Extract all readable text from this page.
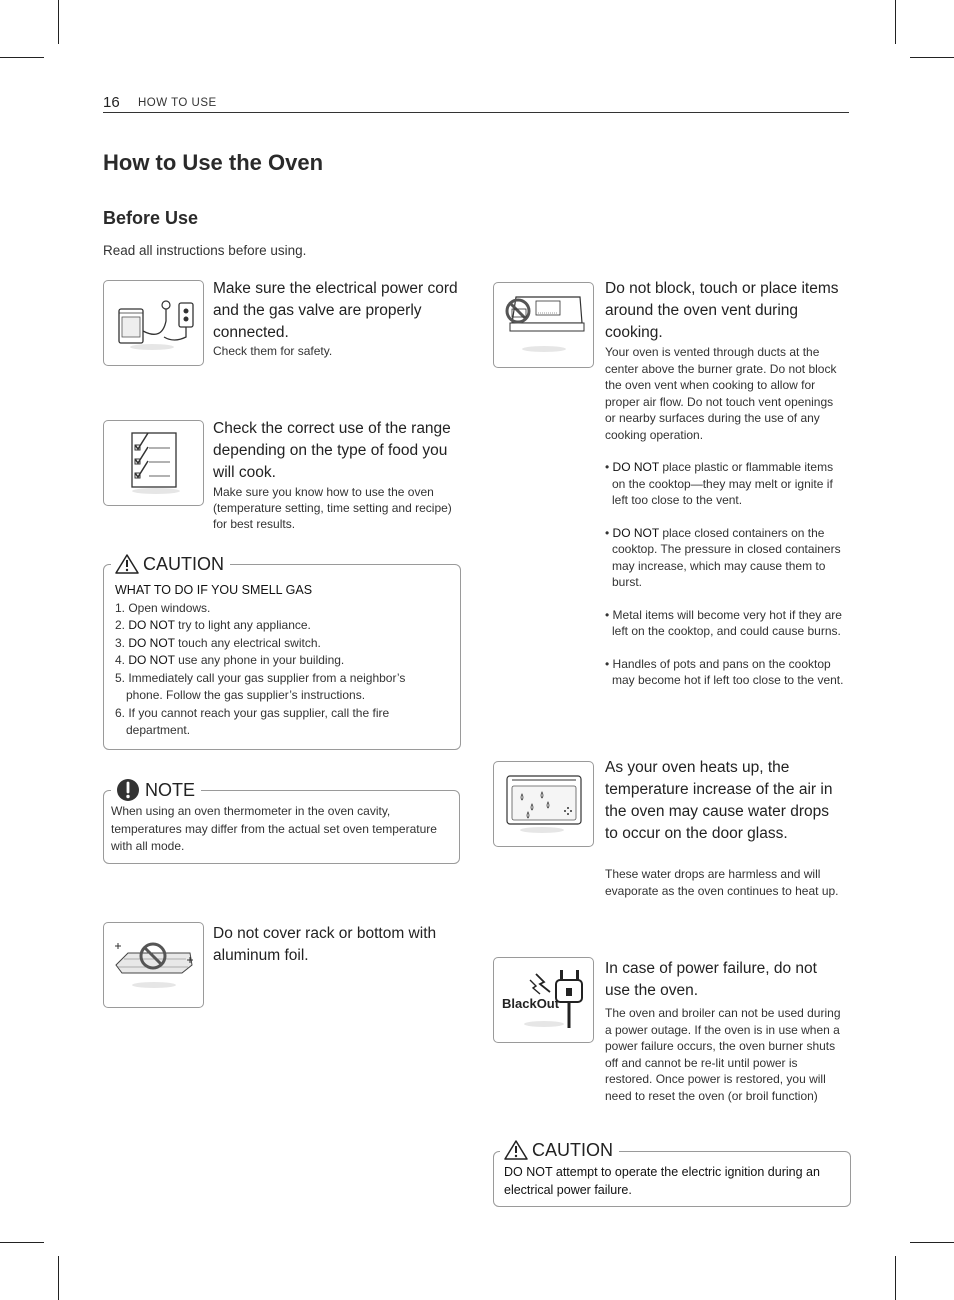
16 HOW TO USE
How to Use the Oven
Before Use
Read all instructions before using.
Make sure the electrical power cord and the gas valve are properly connected.
Check them for safety.
Check the correct use of the range depending on the type of food you will cook.
Make sure you know how to use the oven (temperature setting, time setting and recipe) for best results.
CAUTION
WHAT TO DO IF YOU SMELL GAS

1. Open windows.

2. DO NOT try to light any appliance.

3. DO NOT touch any electrical switch.

4. DO NOT use any phone in your building.

5. Immediately call your gas supplier from a neighbor’s phone. Follow the gas supplier’s instructions.

6. If you cannot reach your gas supplier, call the fire department.

NOTE
When using an oven thermometer in the oven cavity, temperatures may differ from the actual set oven temperature with all mode.
Do not cover rack or bottom with aluminum foil.
Do not block, touch or place items around the oven vent during cooking.
Your oven is vented through ducts at the center above the burner grate. Do not block the oven vent when cooking to allow for proper air flow. Do not touch vent openings or nearby surfaces during the use of any cooking operation.

• DO NOT place plastic or flammable items on the cooktop—they may melt or ignite if left too close to the vent.

• DO NOT place closed containers on the cooktop. The pressure in closed containers may increase, which may cause them to burst.

• Metal items will become very hot if they are left on the cooktop, and could cause burns.

• Handles of pots and pans on the cooktop may become hot if left too close to the vent.

As your oven heats up, the temperature increase of the air in the oven may cause water drops to occur on the door glass.
These water drops are harmless and will evaporate as the oven continues to heat up.
BlackOut
In case of power failure, do not use the oven.
The oven and broiler can not be used during a power outage. If the oven is in use when a power failure occurs, the oven burner shuts off and cannot be re-lit until power is restored. Once power is restored, you will need to reset the oven (or broil function)
CAUTION
DO NOT attempt to operate the electric ignition during an electrical power failure.
